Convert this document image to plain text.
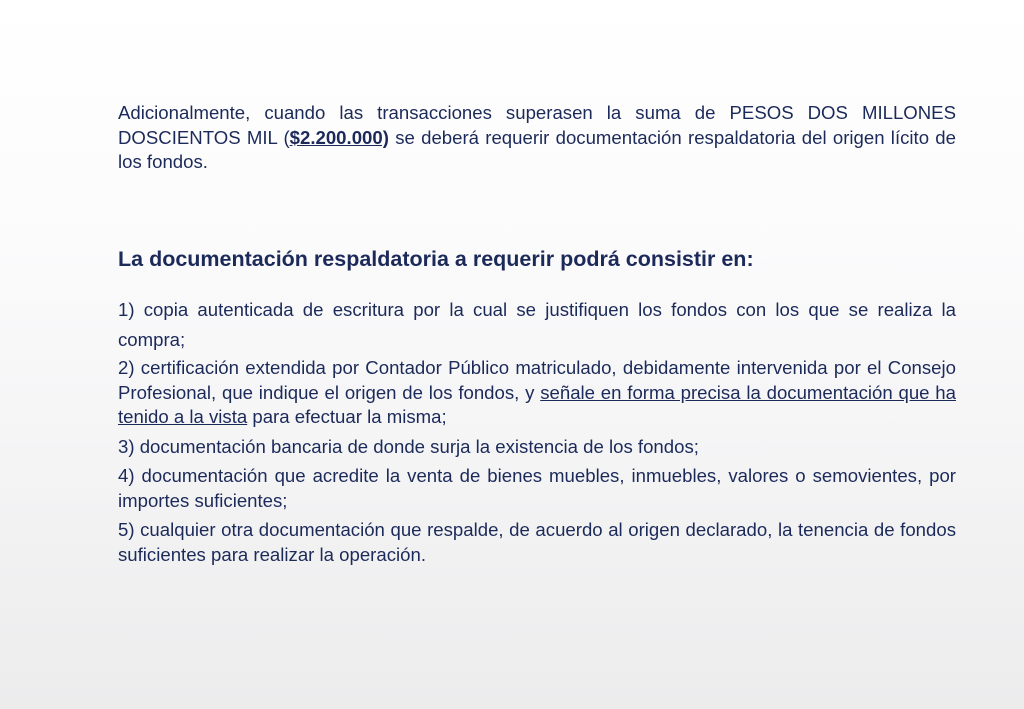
Adicionalmente, cuando las transacciones superasen la suma de PESOS DOS MILLONES DOSCIENTOS MIL ($2.200.000) se deberá requerir documentación respaldatoria del origen lícito de los fondos.

La documentación respaldatoria a requerir podrá consistir en:

1) copia autenticada de escritura por la cual se justifiquen los fondos con los que se realiza la compra;

2) certificación extendida por Contador Público matriculado, debidamente intervenida por el Consejo Profesional, que indique el origen de los fondos, y señale en forma precisa la documentación que ha tenido a la vista para efectuar la misma;

3) documentación bancaria de donde surja la existencia de los fondos;

4) documentación que acredite la venta de bienes muebles, inmuebles, valores o semovientes, por importes suficientes;

5) cualquier otra documentación que respalde, de acuerdo al origen declarado, la tenencia de fondos suficientes para realizar la operación.
